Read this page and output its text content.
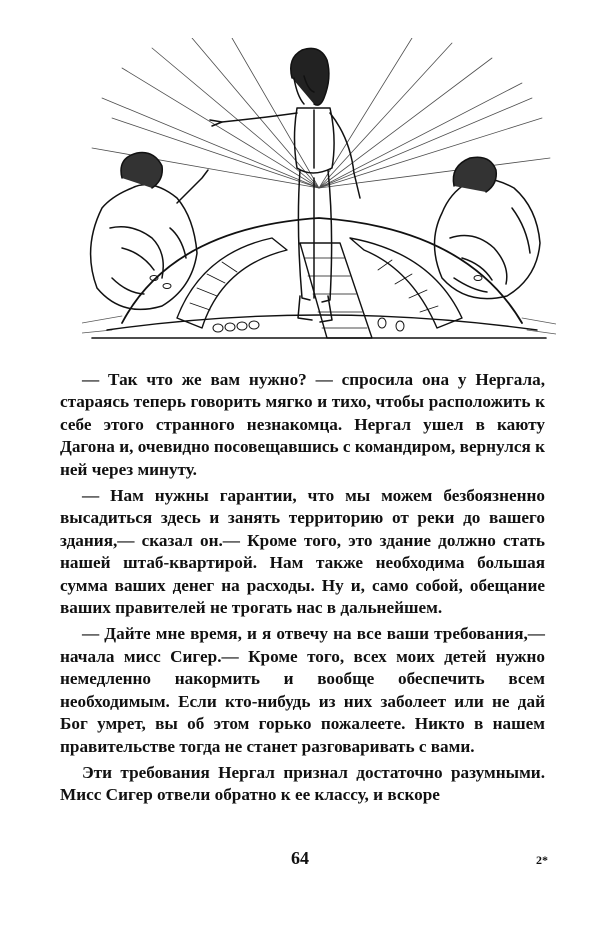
— Так что же вам нужно? — спросила она у Нергала, стараясь теперь говорить мягко и тихо, чтобы расположить к себе этого странного незнакомца. Нергал ушел в каюту Дагона и, очевидно посовещавшись с командиром, вернулся к ней через минуту.

— Нам нужны гарантии, что мы можем безбоязненно высадиться здесь и занять территорию от реки до вашего здания,— сказал он.— Кроме того, это здание должно стать нашей штаб-квартирой. Нам также необходима большая сумма ваших денег на расходы. Ну и, само собой, обещание ваших правителей не трогать нас в дальнейшем.

— Дайте мне время, и я отвечу на все ваши требования,— начала мисс Сигер.— Кроме того, всех моих детей нужно немедленно накормить и вообще обеспечить всем необходимым. Если кто-нибудь из них заболеет или не дай Бог умрет, вы об этом горько пожалеете. Никто в нашем правительстве тогда не станет разговаривать с вами.

Эти требования Нергал признал достаточно разумными. Мисс Сигер отвели обратно к ее классу, и вскоре

64	2*
